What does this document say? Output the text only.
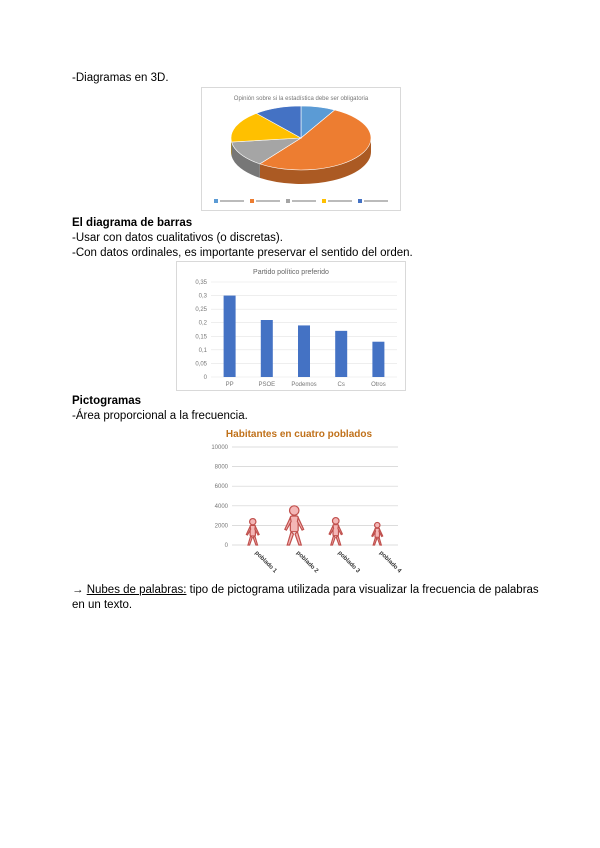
-Diagramas en 3D.
Opinión sobre si la estadística debe ser obligatoria
El diagrama de barras
-Usar con datos cualitativos (o discretas).
-Con datos ordinales, es importante preservar el sentido del orden.
Partido político preferido
0
0,05
0,1
0,15
0,2
0,25
0,3
0,35
PP	PSOE	Podemos	Cs	Otros
Pictogramas
-Área proporcional a la frecuencia.
Habitantes en cuatro poblados
0
2000
4000
6000
8000
10000
poblado 1	poblado 2	poblado 3	poblado 4
→ Nubes de palabras: tipo de pictograma utilizada para visualizar la frecuencia de palabras
en un texto.
